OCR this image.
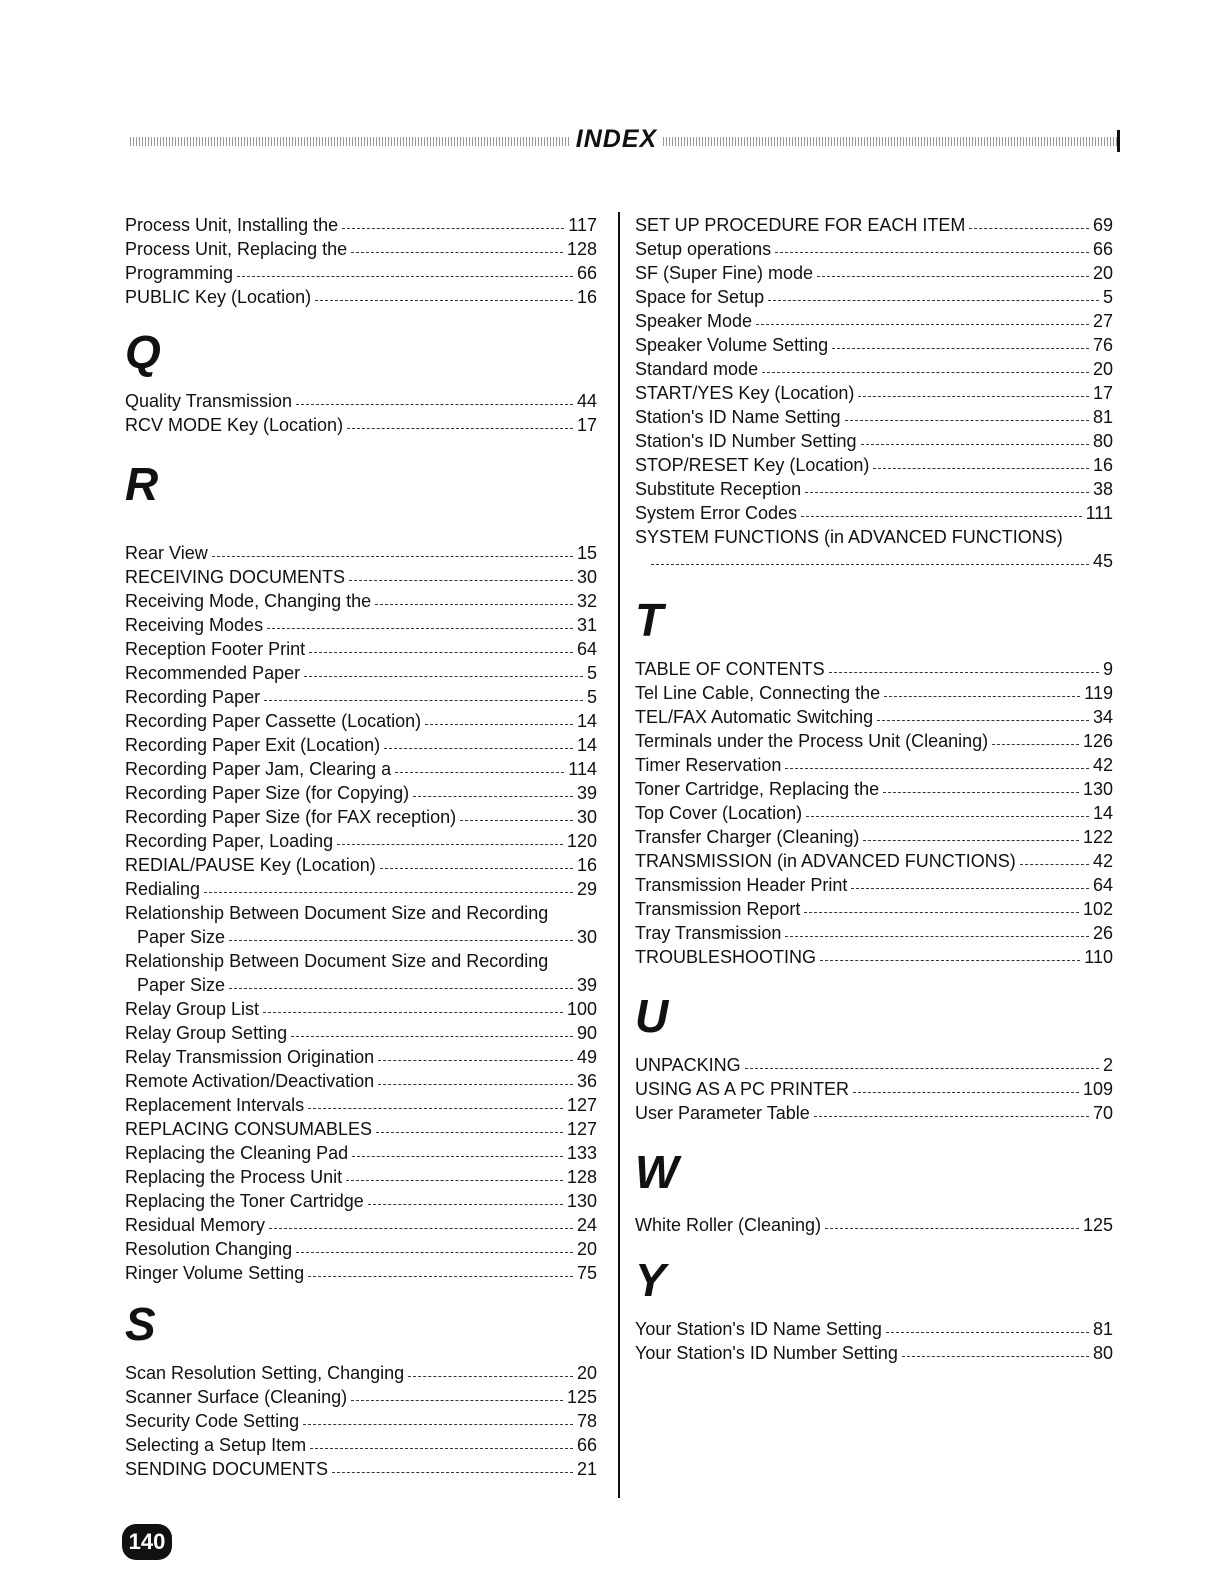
INDEX
Process Unit, Installing the	117
Process Unit, Replacing the	128
Programming	66
PUBLIC Key (Location)	16
Q
Quality Transmission	44
RCV MODE Key (Location)	17
R
Rear View	15
RECEIVING DOCUMENTS	30
Receiving Mode, Changing the	32
Receiving Modes	31
Reception Footer Print	64
Recommended Paper	5
Recording Paper	5
Recording Paper Cassette (Location)	14
Recording Paper Exit (Location)	14
Recording Paper Jam, Clearing a	114
Recording Paper Size (for Copying)	39
Recording Paper Size (for FAX reception)	30
Recording Paper, Loading	120
REDIAL/PAUSE Key (Location)	16
Redialing	29
Relationship Between Document Size and Recording
Paper Size	30
Relationship Between Document Size and Recording
Paper Size	39
Relay Group List	100
Relay Group Setting	90
Relay Transmission Origination	49
Remote Activation/Deactivation	36
Replacement Intervals	127
REPLACING CONSUMABLES	127
Replacing the Cleaning Pad	133
Replacing the Process Unit	128
Replacing the Toner Cartridge	130
Residual Memory	24
Resolution Changing	20
Ringer Volume Setting	75
S
Scan Resolution Setting, Changing	20
Scanner Surface (Cleaning)	125
Security Code Setting	78
Selecting a Setup Item	66
SENDING DOCUMENTS	21
SET UP PROCEDURE FOR EACH ITEM	69
Setup operations	66
SF (Super Fine) mode	20
Space for Setup	5
Speaker Mode	27
Speaker Volume Setting	76
Standard mode	20
START/YES Key (Location)	17
Station's ID Name Setting	81
Station's ID Number Setting	80
STOP/RESET Key (Location)	16
Substitute Reception	38
System Error Codes	111
SYSTEM FUNCTIONS (in ADVANCED FUNCTIONS)
45
T
TABLE OF CONTENTS	9
Tel Line Cable, Connecting the	119
TEL/FAX Automatic Switching	34
Terminals under the Process Unit (Cleaning)	126
Timer Reservation	42
Toner Cartridge, Replacing the	130
Top Cover (Location)	14
Transfer Charger (Cleaning)	122
TRANSMISSION (in ADVANCED FUNCTIONS)	42
Transmission Header Print	64
Transmission Report	102
Tray Transmission	26
TROUBLESHOOTING	110
U
UNPACKING	2
USING AS A PC PRINTER	109
User Parameter Table	70
W
White Roller (Cleaning)	125
Y
Your Station's ID Name Setting	81
Your Station's ID Number Setting	80
140
